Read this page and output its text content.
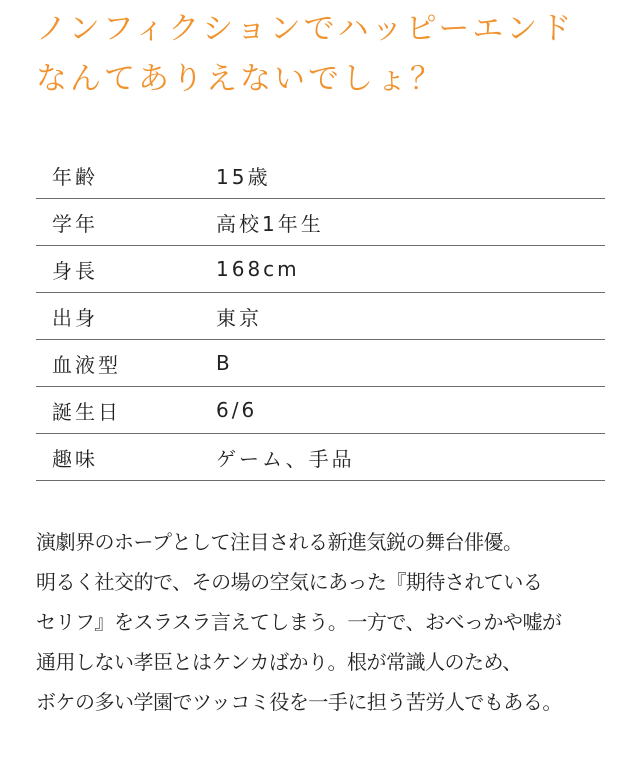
ノンフィクションでハッピーエンド
なんてありえないでしょ？
年齢	15歳
学年	高校1年生
身長	168cm
出身	東京
血液型	B
誕生日	6/6
趣味	ゲーム、手品

演劇界のホープとして注目される新進気鋭の舞台俳優。
明るく社交的で、その場の空気にあった『期待されている
セリフ』をスラスラ言えてしまう。一方で、おべっかや嘘が
通用しない孝臣とはケンカばかり。根が常識人のため、
ボケの多い学園でツッコミ役を一手に担う苦労人でもある。
